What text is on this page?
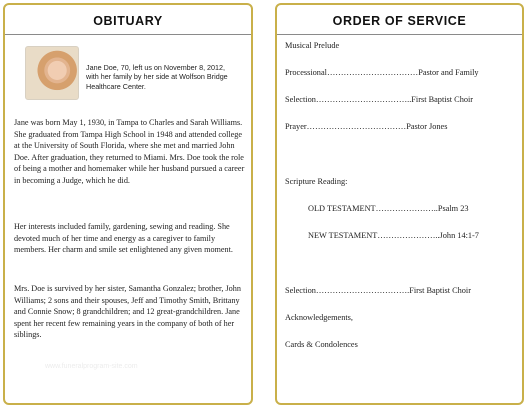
OBITUARY
Jane Doe, 70, left us on November 8, 2012, with her family by her side at Wolfson Bridge Healthcare Center.
Jane was born May 1, 1930, in Tampa to Charles and Sarah Williams. She graduated from Tampa High School in 1948 and attended college at the University of South Florida, where she met and married John Doe. After graduation, they returned to Miami. Mrs. Doe took the role of being a mother and homemaker while her husband pursued a career in becoming a Judge, which he did.
Her interests included family, gardening, sewing and reading. She devoted much of her time and energy as a caregiver to family members. Her charm and smile set enlightened any given moment.
Mrs. Doe is survived by her sister, Samantha Gonzalez; brother, John Williams; 2 sons and their spouses, Jeff and Timothy Smith, Brittany and Connie Snow; 8 grandchildren; and 12 great-grandchildren. Jane spent her recent few remaining years in the company of both of her siblings.
www.funeralprogram-site.com
ORDER OF SERVICE
Musical Prelude
Processional……………………………Pastor and Family
Selection……………………………..First Baptist Choir
Prayer………………………………Pastor Jones
Scripture Reading:
OLD TESTAMENT…………………..Psalm 23
NEW TESTAMENT…………………..John 14:1-7
Selection…………………………….First Baptist Choir
Acknowledgements,
Cards & Condolences
